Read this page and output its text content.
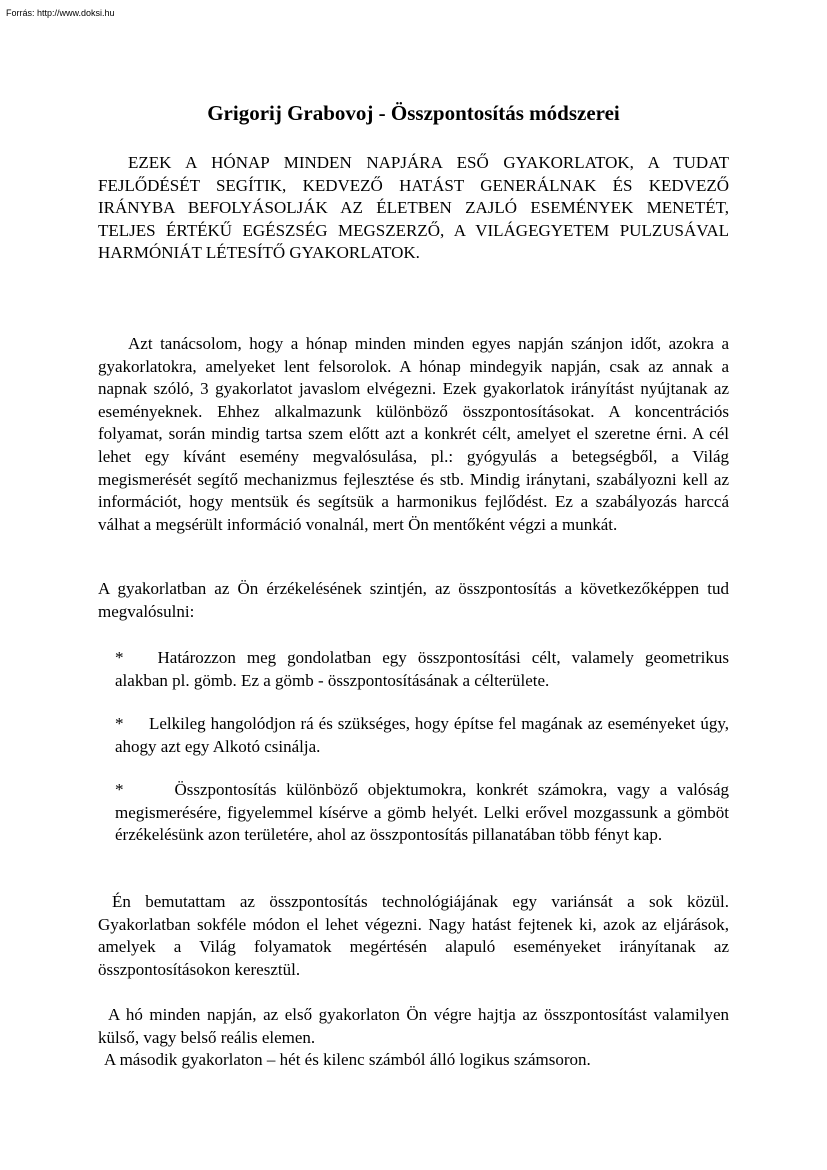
Forrás: http://www.doksi.hu
Grigorij Grabovoj - Összpontosítás módszerei

EZEK A HÓNAP MINDEN NAPJÁRA ESŐ GYAKORLATOK, A TUDAT FEJLŐDÉSÉT SEGÍTIK, KEDVEZŐ HATÁST GENERÁLNAK ÉS KEDVEZŐ IRÁNYBA BEFOLYÁSOLJÁK AZ ÉLETBEN ZAJLÓ ESEMÉNYEK MENETÉT, TELJES ÉRTÉKŰ EGÉSZSÉG MEGSZERZŐ, A VILÁGEGYETEM PULZUSÁVAL HARMÓNIÁT LÉTESÍTŐ GYAKORLATOK.

Azt tanácsolom, hogy a hónap minden minden egyes napján szánjon időt, azokra a gyakorlatokra, amelyeket lent felsorolok. A hónap mindegyik napján, csak az annak a napnak szóló, 3 gyakorlatot javaslom elvégezni. Ezek gyakorlatok irányítást nyújtanak az eseményeknek. Ehhez alkalmazunk különböző összpontosításokat. A koncentrációs folyamat, során mindig tartsa szem előtt azt a konkrét célt, amelyet el szeretne érni. A cél lehet egy kívánt esemény megvalósulása, pl.: gyógyulás a betegségből, a Világ megismerését segítő mechanizmus fejlesztése és stb. Mindig iránytani, szabályozni kell az információt, hogy mentsük és segítsük a harmonikus fejlődést. Ez a szabályozás harccá válhat a megsérült információ vonalnál, mert Ön mentőként végzi a munkát.

A gyakorlatban az Ön érzékelésének szintjén, az összpontosítás a következőképpen tud megvalósulni:

*  Határozzon meg gondolatban egy összpontosítási célt, valamely geometrikus alakban pl. gömb. Ez a gömb - összpontosításának a célterülete.

*  Lelkileg hangolódjon rá és szükséges, hogy építse fel magának az eseményeket úgy, ahogy azt egy Alkotó csinálja.

*   Összpontosítás különböző objektumokra, konkrét számokra, vagy a valóság megismerésére, figyelemmel kísérve a gömb helyét. Lelki erővel mozgassunk a gömböt érzékelésünk azon területére, ahol az összpontosítás pillanatában több fényt kap.

Én bemutattam az összpontosítás technológiájának egy variánsát a sok közül. Gyakorlatban sokféle módon el lehet végezni. Nagy hatást fejtenek ki, azok az eljárások, amelyek a Világ folyamatok megértésén alapuló eseményeket irányítanak az összpontosításokon keresztül.

A hó minden napján, az első gyakorlaton Ön végre hajtja az összpontosítást valamilyen külső, vagy belső reális elemen.

A második gyakorlaton – hét és kilenc számból álló logikus számsoron.
